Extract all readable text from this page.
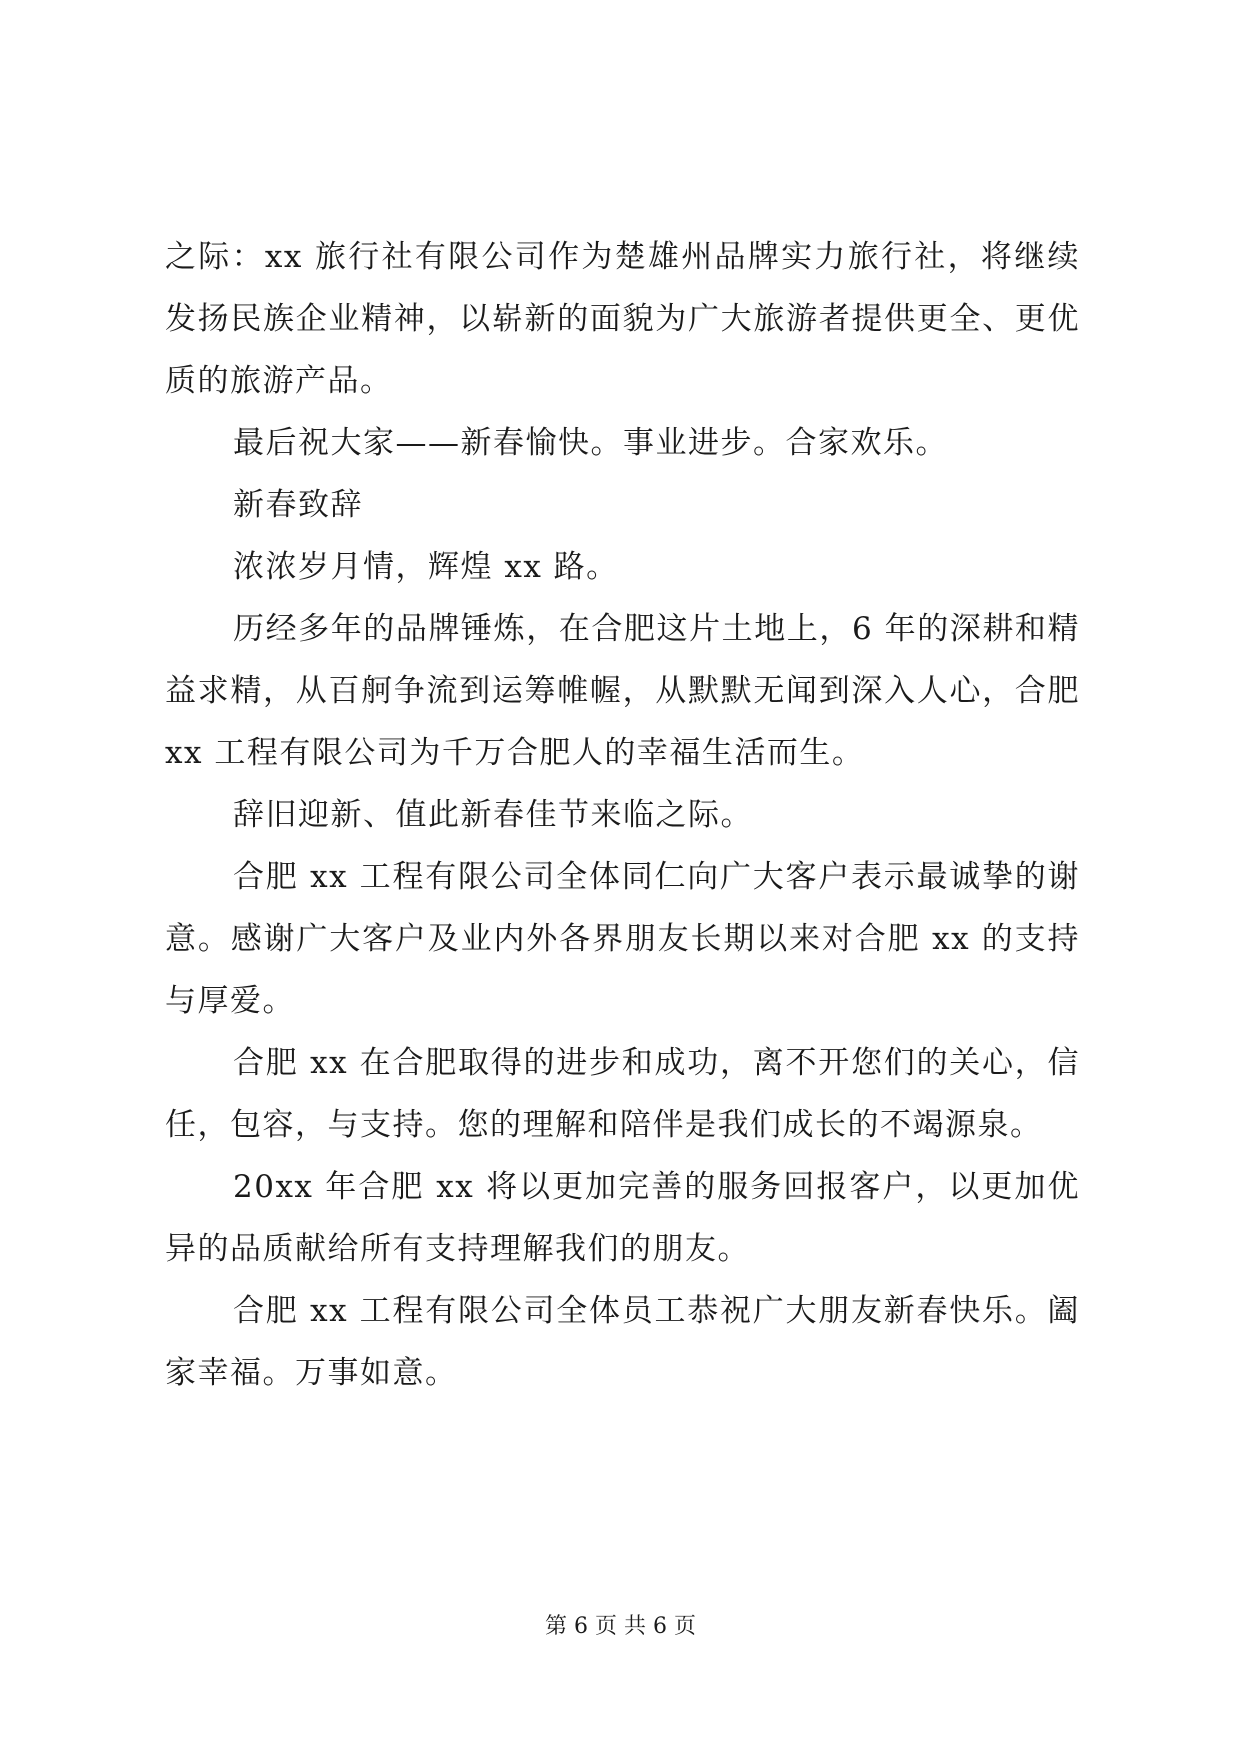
之际：xx 旅行社有限公司作为楚雄州品牌实力旅行社，将继续发扬民族企业精神，以崭新的面貌为广大旅游者提供更全、更优质的旅游产品。

最后祝大家——新春愉快。事业进步。合家欢乐。

新春致辞

浓浓岁月情，辉煌 xx 路。

历经多年的品牌锤炼，在合肥这片土地上，6 年的深耕和精益求精，从百舸争流到运筹帷幄，从默默无闻到深入人心，合肥 xx 工程有限公司为千万合肥人的幸福生活而生。

辞旧迎新、值此新春佳节来临之际。

合肥 xx 工程有限公司全体同仁向广大客户表示最诚挚的谢意。感谢广大客户及业内外各界朋友长期以来对合肥 xx 的支持与厚爱。

合肥 xx 在合肥取得的进步和成功，离不开您们的关心，信任，包容，与支持。您的理解和陪伴是我们成长的不竭源泉。

20xx 年合肥 xx 将以更加完善的服务回报客户，以更加优异的品质献给所有支持理解我们的朋友。

合肥 xx 工程有限公司全体员工恭祝广大朋友新春快乐。阖家幸福。万事如意。

第 6 页 共 6 页
